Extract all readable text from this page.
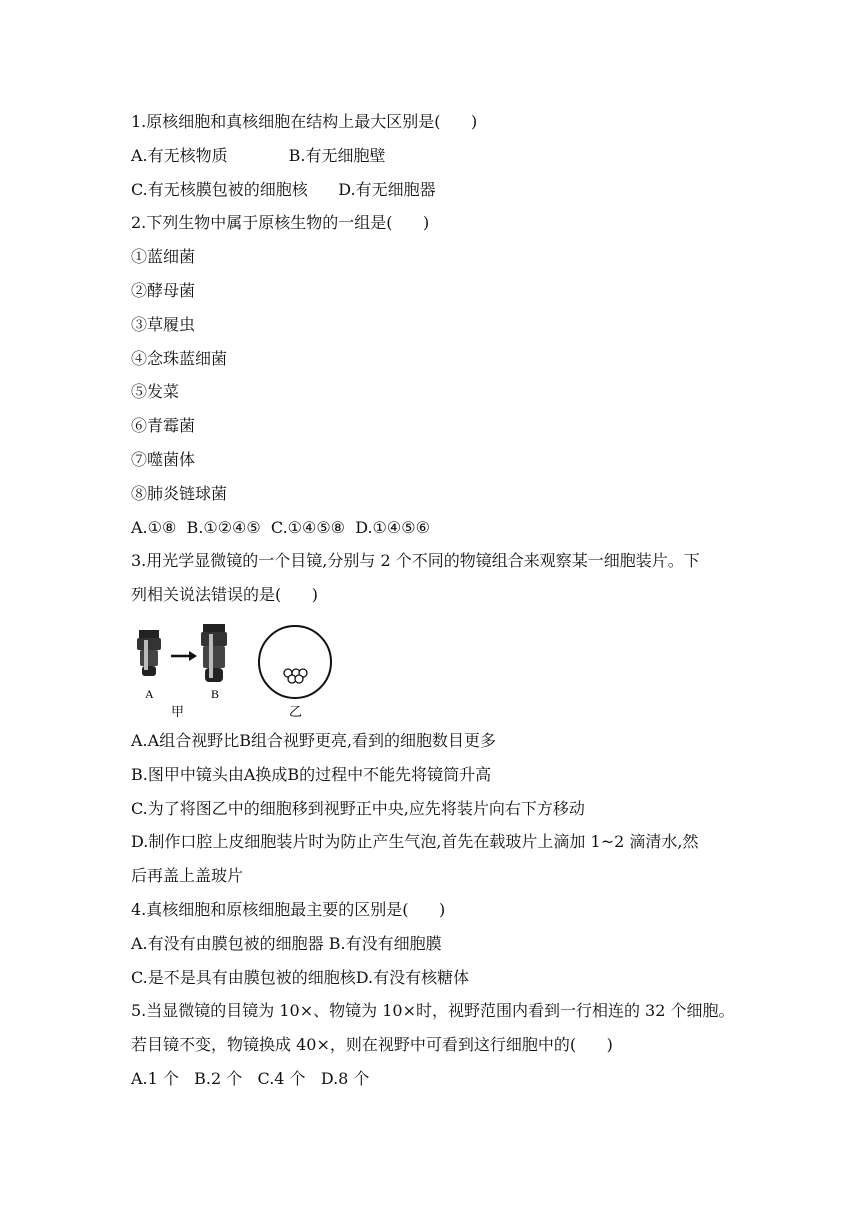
1.原核细胞和真核细胞在结构上最大区别是(      )

A.有无核物质            B.有无细胞壁

C.有无核膜包被的细胞核      D.有无细胞器

2.下列生物中属于原核生物的一组是(      )

①蓝细菌

②酵母菌

③草履虫

④念珠蓝细菌

⑤发菜

⑥青霉菌

⑦噬菌体

⑧肺炎链球菌

A.①⑧  B.①②④⑤  C.①④⑤⑧  D.①④⑤⑥

3.用光学显微镜的一个目镜,分别与 2 个不同的物镜组合来观察某一细胞装片。下

列相关说法错误的是(      )

A	B
甲	乙

A.A组合视野比B组合视野更亮,看到的细胞数目更多

B.图甲中镜头由A换成B的过程中不能先将镜筒升高

C.为了将图乙中的细胞移到视野正中央,应先将装片向右下方移动

D.制作口腔上皮细胞装片时为防止产生气泡,首先在载玻片上滴加 1~2 滴清水,然

后再盖上盖玻片

4.真核细胞和原核细胞最主要的区别是(      )

A.有没有由膜包被的细胞器 B.有没有细胞膜

C.是不是具有由膜包被的细胞核D.有没有核糖体

5.当显微镜的目镜为 10×、物镜为 10×时，视野范围内看到一行相连的 32 个细胞。

若目镜不变，物镜换成 40×，则在视野中可看到这行细胞中的(      )

A.1 个   B.2 个   C.4 个   D.8 个
